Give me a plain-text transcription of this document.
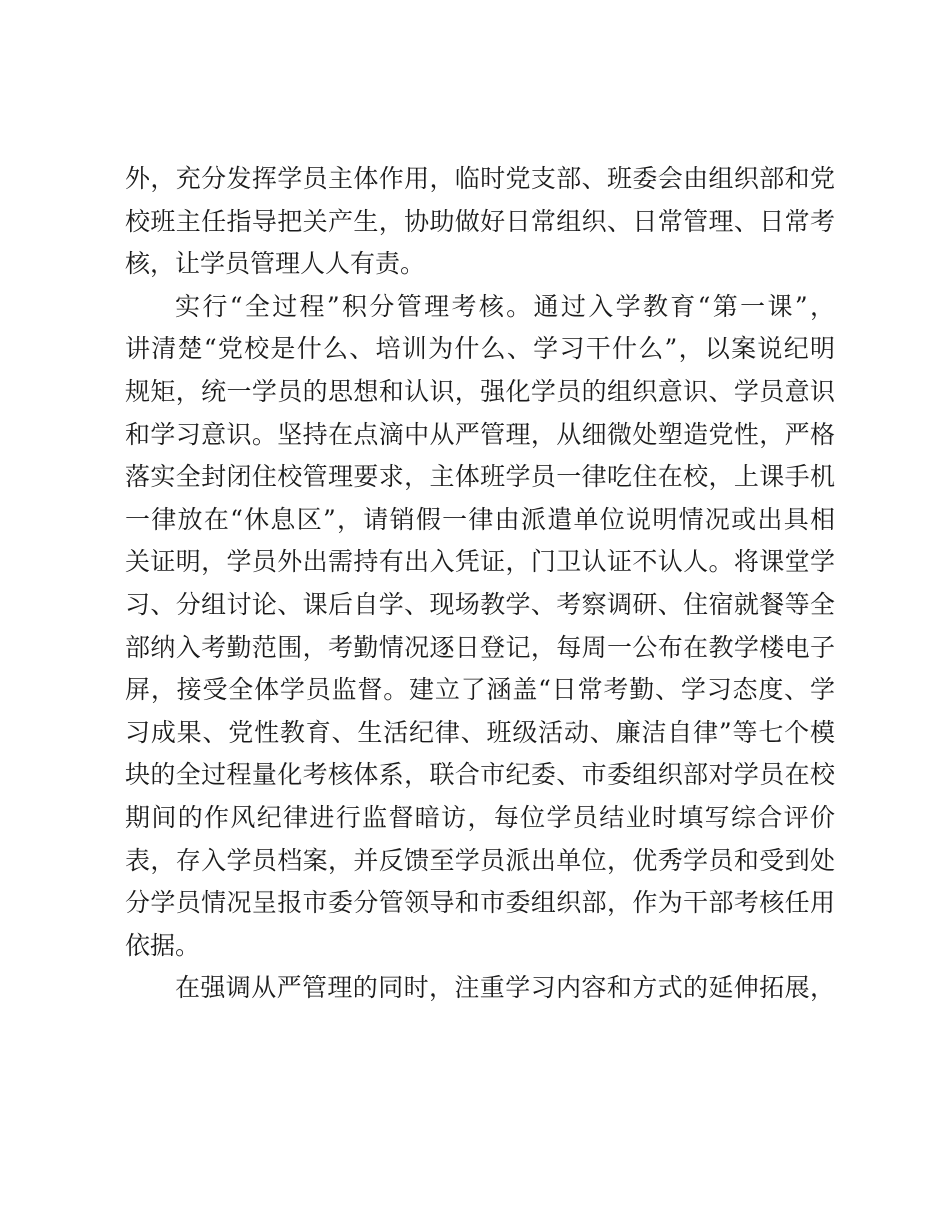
外，充分发挥学员主体作用，临时党支部、班委会由组织部和党
校班主任指导把关产生，协助做好日常组织、日常管理、日常考
核，让学员管理人人有责。
实行“全过程”积分管理考核。通过入学教育“第一课”，
讲清楚“党校是什么、培训为什么、学习干什么”，以案说纪明
规矩，统一学员的思想和认识，强化学员的组织意识、学员意识
和学习意识。坚持在点滴中从严管理，从细微处塑造党性，严格
落实全封闭住校管理要求，主体班学员一律吃住在校，上课手机
一律放在“休息区”，请销假一律由派遣单位说明情况或出具相
关证明，学员外出需持有出入凭证，门卫认证不认人。将课堂学
习、分组讨论、课后自学、现场教学、考察调研、住宿就餐等全
部纳入考勤范围，考勤情况逐日登记，每周一公布在教学楼电子
屏，接受全体学员监督。建立了涵盖“日常考勤、学习态度、学
习成果、党性教育、生活纪律、班级活动、廉洁自律”等七个模
块的全过程量化考核体系，联合市纪委、市委组织部对学员在校
期间的作风纪律进行监督暗访，每位学员结业时填写综合评价
表，存入学员档案，并反馈至学员派出单位，优秀学员和受到处
分学员情况呈报市委分管领导和市委组织部，作为干部考核任用
依据。
在强调从严管理的同时，注重学习内容和方式的延伸拓展，
